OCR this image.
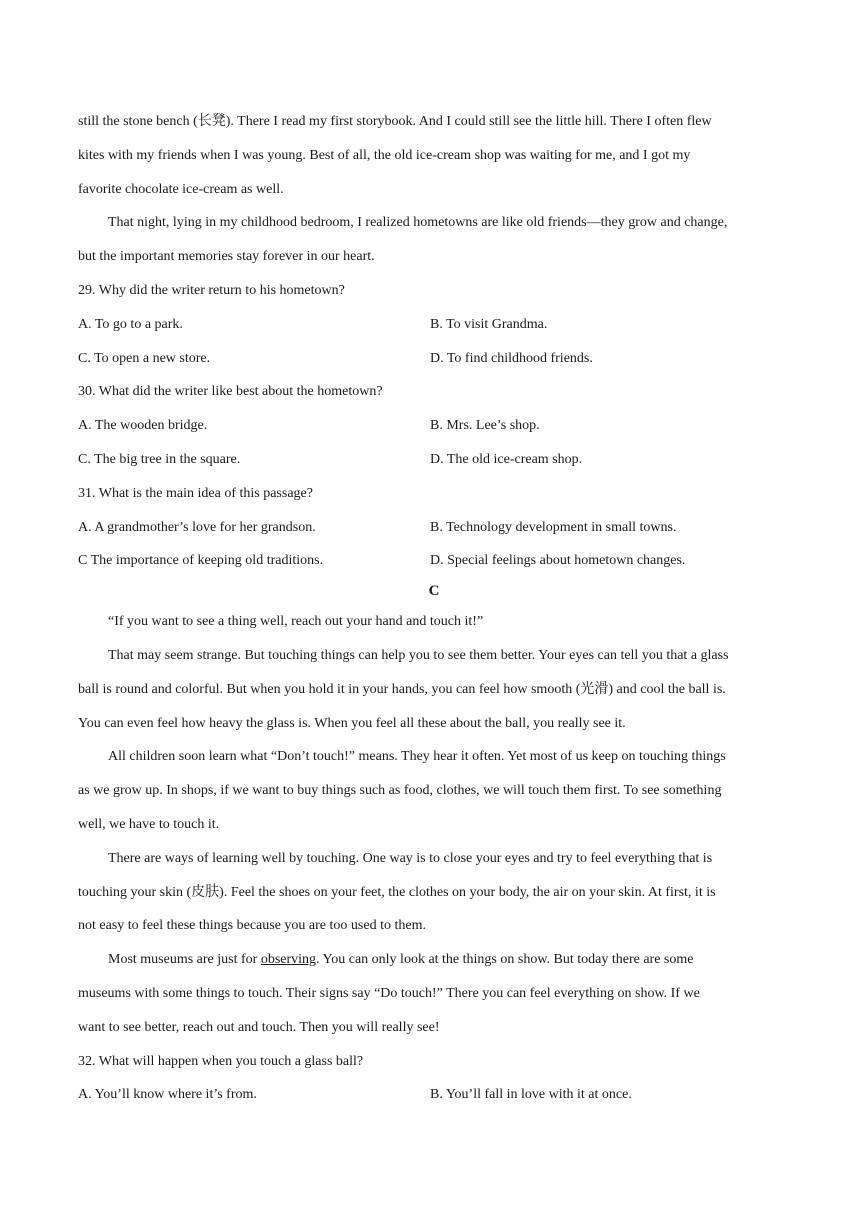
still the stone bench (长凳). There I read my first storybook. And I could still see the little hill. There I often flew
kites with my friends when I was young. Best of all, the old ice-cream shop was waiting for me, and I got my
favorite chocolate ice-cream as well.
That night, lying in my childhood bedroom, I realized hometowns are like old friends—they grow and change,
but the important memories stay forever in our heart.
29. Why did the writer return to his hometown?
A. To go to a park.	B. To visit Grandma.
C. To open a new store.	D. To find childhood friends.
30. What did the writer like best about the hometown?
A. The wooden bridge.	B. Mrs. Lee’s shop.
C. The big tree in the square.	D. The old ice-cream shop.
31. What is the main idea of this passage?
A. A grandmother’s love for her grandson.	B. Technology development in small towns.
C The importance of keeping old traditions.	D. Special feelings about hometown changes.
C
“If you want to see a thing well, reach out your hand and touch it!”
That may seem strange. But touching things can help you to see them better. Your eyes can tell you that a glass
ball is round and colorful. But when you hold it in your hands, you can feel how smooth (光滑) and cool the ball is.
You can even feel how heavy the glass is. When you feel all these about the ball, you really see it.
All children soon learn what “Don’t touch!” means. They hear it often. Yet most of us keep on touching things
as we grow up. In shops, if we want to buy things such as food, clothes, we will touch them first. To see something
well, we have to touch it.
There are ways of learning well by touching. One way is to close your eyes and try to feel everything that is
touching your skin (皮肤). Feel the shoes on your feet, the clothes on your body, the air on your skin. At first, it is
not easy to feel these things because you are too used to them.
Most museums are just for observing. You can only look at the things on show. But today there are some
museums with some things to touch. Their signs say “Do touch!” There you can feel everything on show. If we
want to see better, reach out and touch. Then you will really see!
32. What will happen when you touch a glass ball?
A. You’ll know where it’s from.	B. You’ll fall in love with it at once.
